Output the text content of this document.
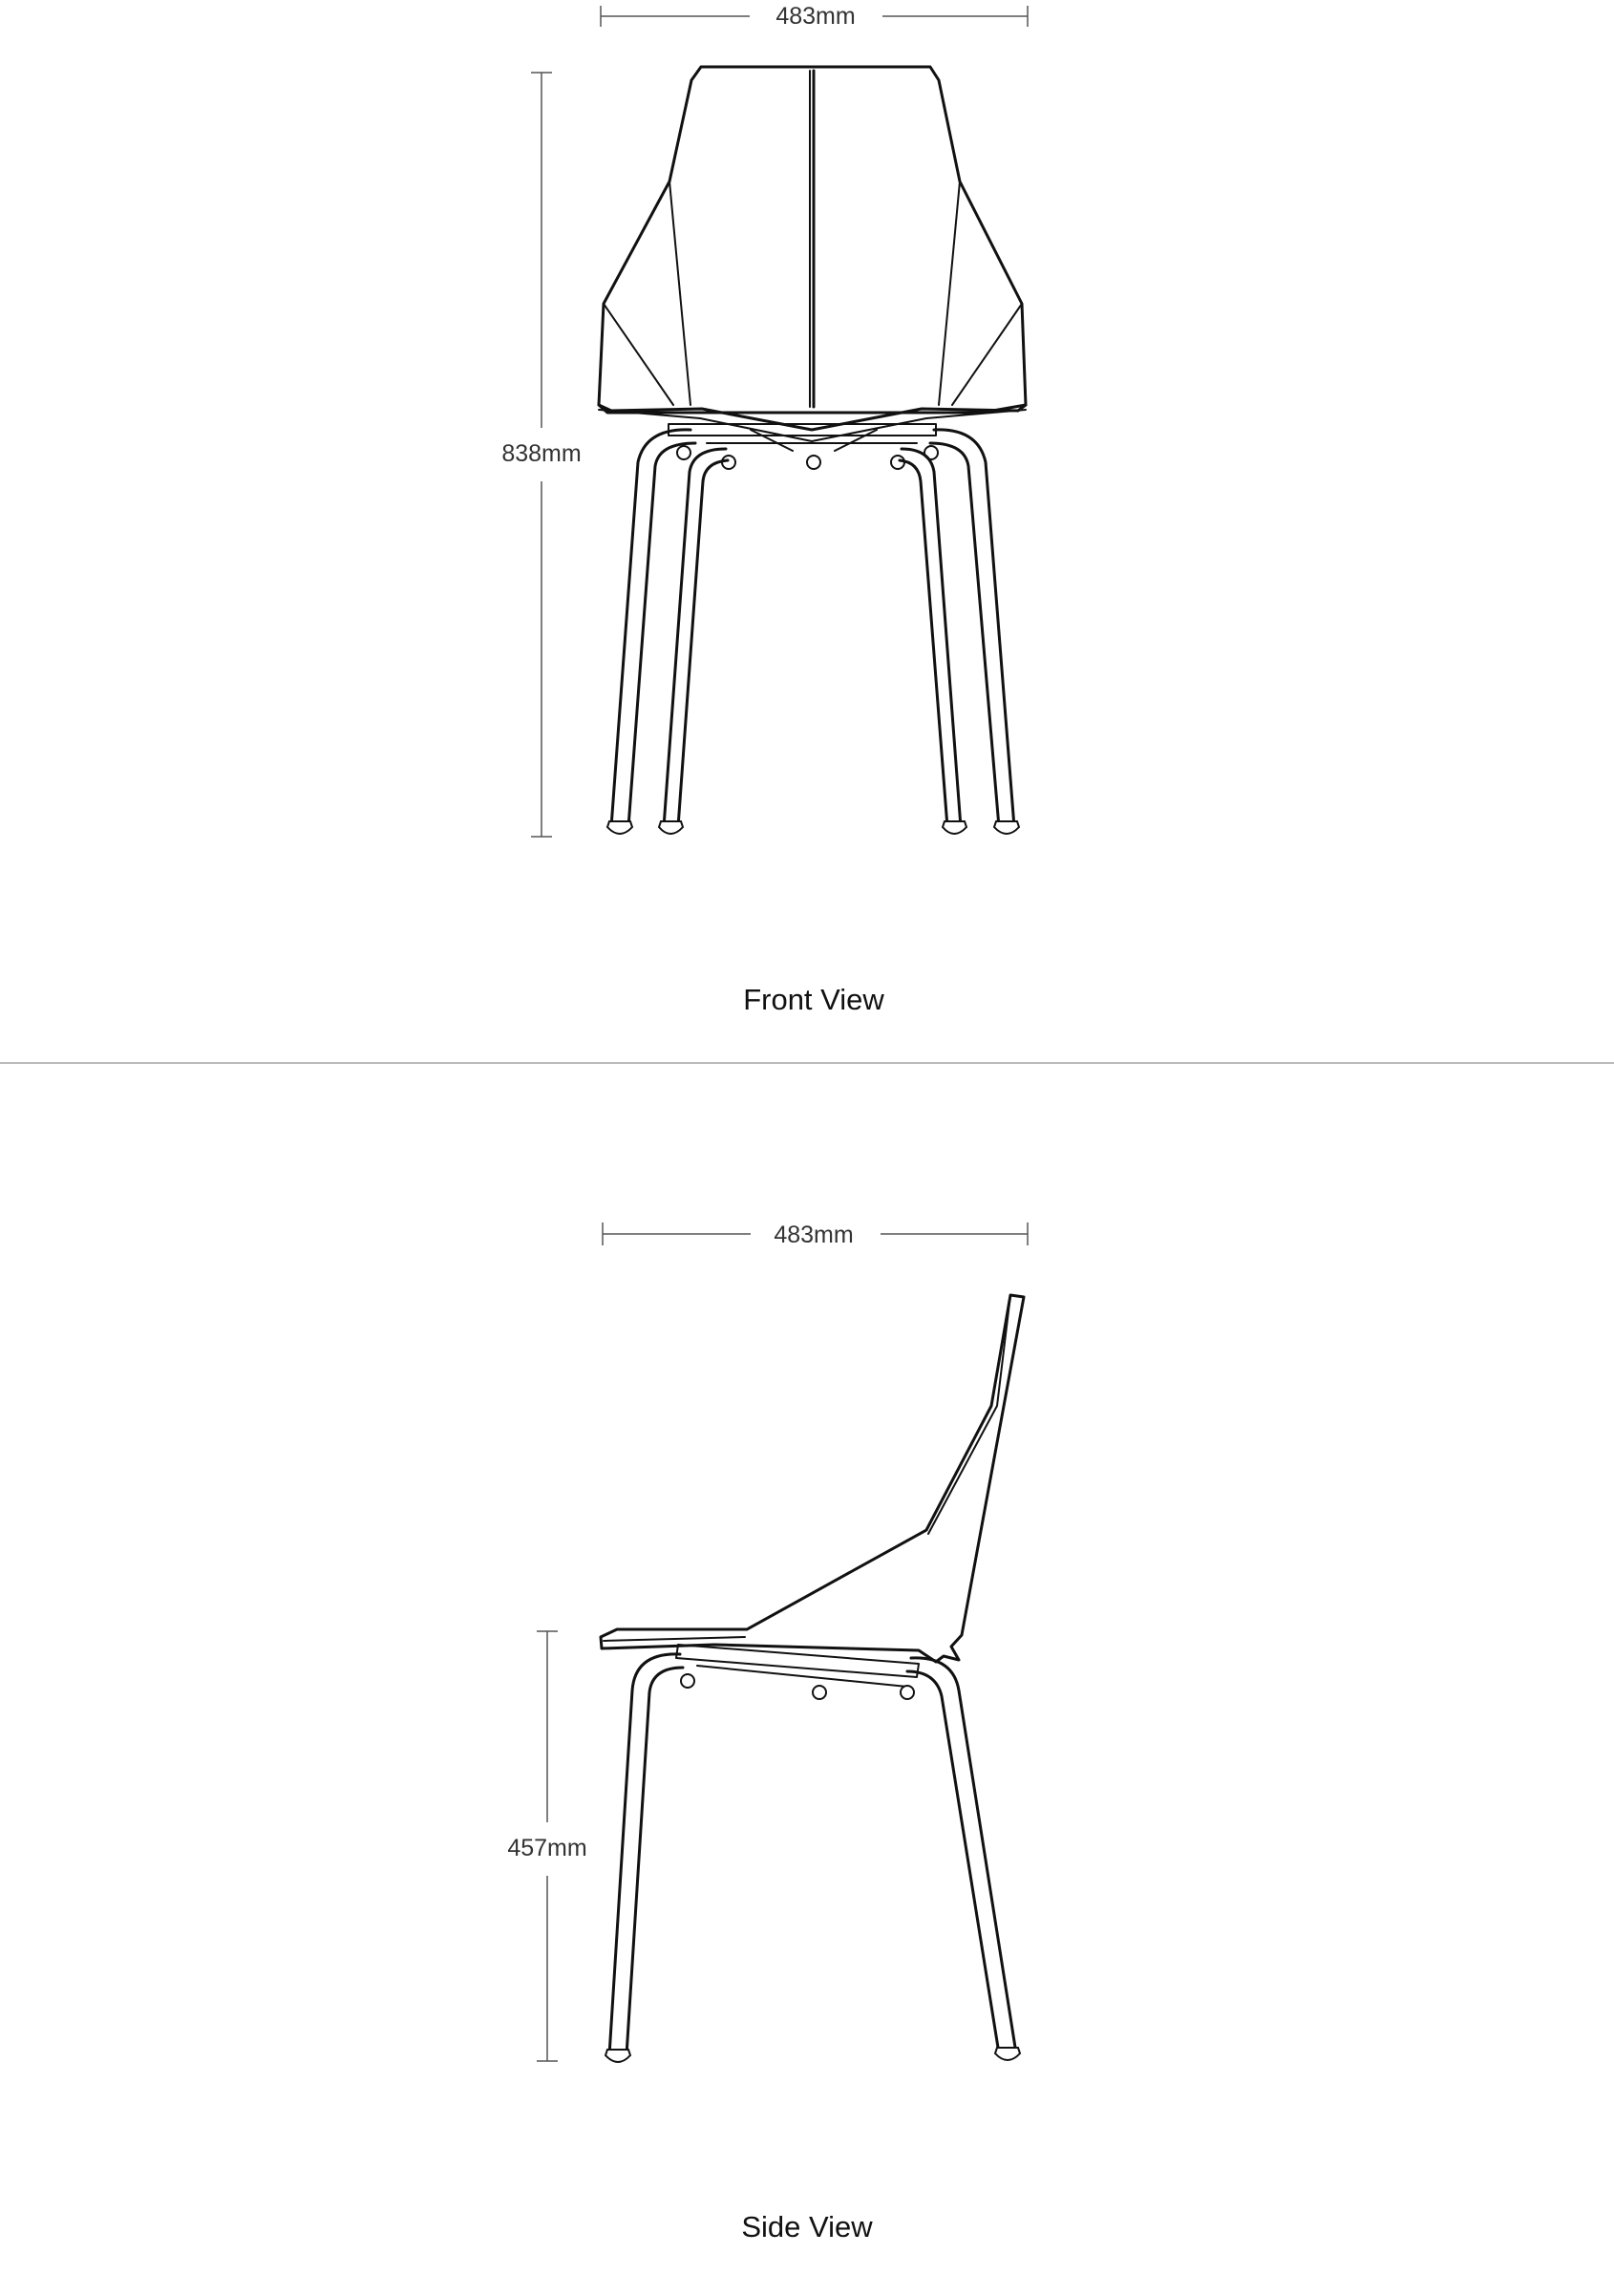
483mm
838mm
Front View
483mm
457mm
Side View
